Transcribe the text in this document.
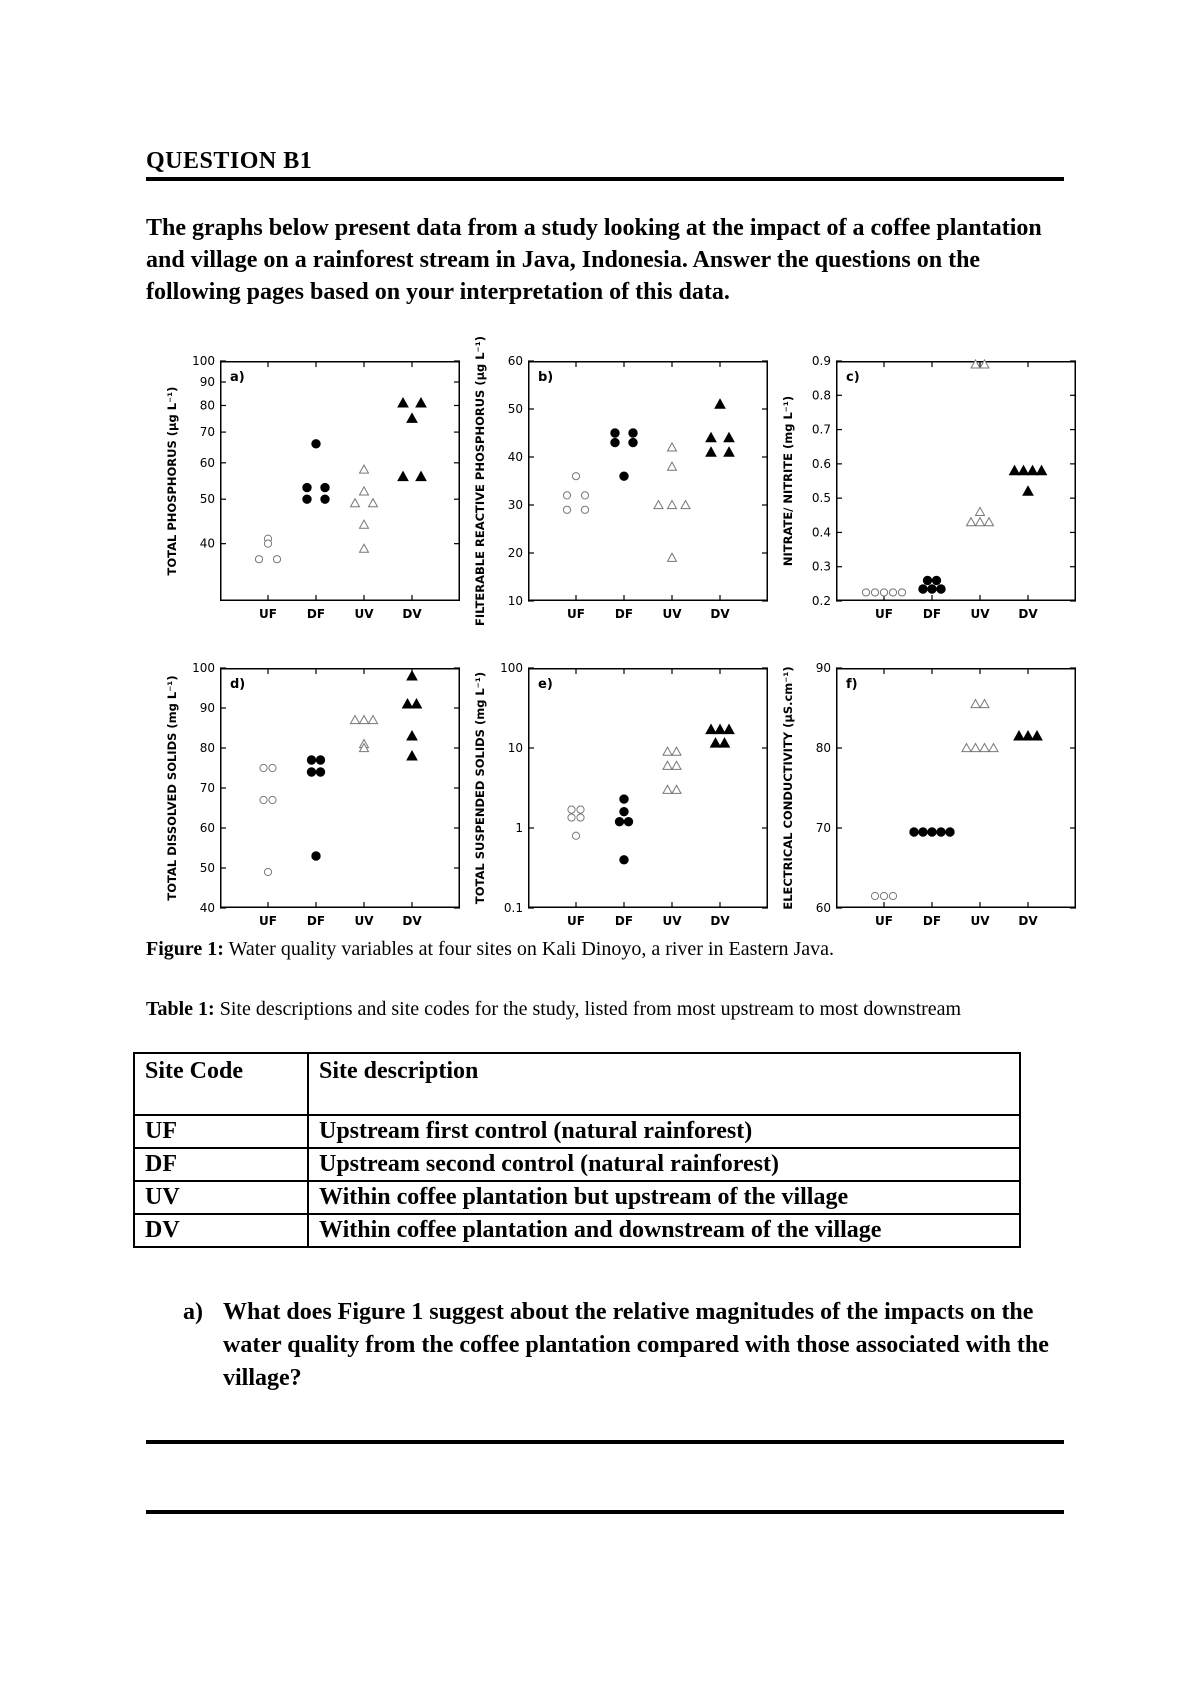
QUESTION B1
The graphs below present data from a study looking at the impact of a coffee plantation and village on a rainforest stream in Java, Indonesia. Answer the questions on the following pages based on your interpretation of this data.
40
50
60
70
80
90
100
UF DF UV DV
a)
TOTAL PHOSPHORUS (µg L⁻¹)
10
20
30
40
50
60
UF DF UV DV
b)
FILTERABLE REACTIVE PHOSPHORUS (µg L⁻¹)	0.2
0.3
0.4
0.5
0.6
0.7
0.8
0.9
UF DF UV DV
c)
NITRATE/ NITRITE (mg L⁻¹)
40
50
60
70
80
90
100
UF DF UV DV
d)
TOTAL DISSOLVED SOLIDS (mg L⁻¹)
0.1
1
10
100
UF DF UV DV
e)
TOTAL SUSPENDED SOLIDS (mg L⁻¹)
60
70
80
90
UF DF UV DV
f)
ELECTRICAL CONDUCTIVITY (µS.cm⁻¹)
Figure 1: Water quality variables at four sites on Kali Dinoyo, a river in Eastern Java.
Table 1: Site descriptions and site codes for the study, listed from most upstream to most downstream
Site Code	Site description
UF	Upstream first control (natural rainforest)
DF	Upstream second control (natural rainforest)
UV	Within coffee plantation but upstream of the village
DV	Within coffee plantation and downstream of the village
a) What does Figure 1 suggest about the relative magnitudes of the impacts on the water quality from the coffee plantation compared with those associated with the village?
